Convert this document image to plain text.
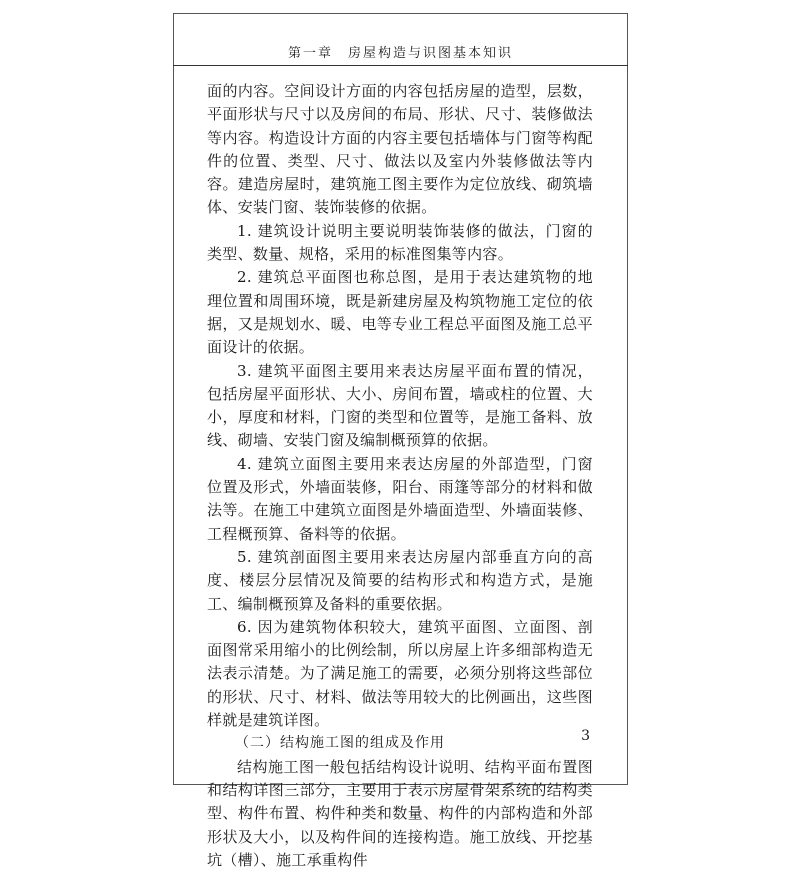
第一章　房屋构造与识图基本知识

面的内容。空间设计方面的内容包括房屋的造型，层数，平面形状与尺寸以及房间的布局、形状、尺寸、装修做法等内容。构造设计方面的内容主要包括墙体与门窗等构配件的位置、类型、尺寸、做法以及室内外装修做法等内容。建造房屋时，建筑施工图主要作为定位放线、砌筑墙体、安装门窗、装饰装修的依据。

1. 建筑设计说明主要说明装饰装修的做法，门窗的类型、数量、规格，采用的标准图集等内容。

2. 建筑总平面图也称总图，是用于表达建筑物的地理位置和周围环境，既是新建房屋及构筑物施工定位的依据，又是规划水、暖、电等专业工程总平面图及施工总平面设计的依据。

3. 建筑平面图主要用来表达房屋平面布置的情况，包括房屋平面形状、大小、房间布置，墙或柱的位置、大小，厚度和材料，门窗的类型和位置等，是施工备料、放线、砌墙、安装门窗及编制概预算的依据。

4. 建筑立面图主要用来表达房屋的外部造型，门窗位置及形式，外墙面装修，阳台、雨篷等部分的材料和做法等。在施工中建筑立面图是外墙面造型、外墙面装修、工程概预算、备料等的依据。

5. 建筑剖面图主要用来表达房屋内部垂直方向的高度、楼层分层情况及简要的结构形式和构造方式，是施工、编制概预算及备料的重要依据。

6. 因为建筑物体积较大，建筑平面图、立面图、剖面图常采用缩小的比例绘制，所以房屋上许多细部构造无法表示清楚。为了满足施工的需要，必须分别将这些部位的形状、尺寸、材料、做法等用较大的比例画出，这些图样就是建筑详图。

（二）结构施工图的组成及作用

结构施工图一般包括结构设计说明、结构平面布置图和结构详图三部分，主要用于表示房屋骨架系统的结构类型、构件布置、构件种类和数量、构件的内部构造和外部形状及大小，以及构件间的连接构造。施工放线、开挖基坑（槽）、施工承重构件

3
